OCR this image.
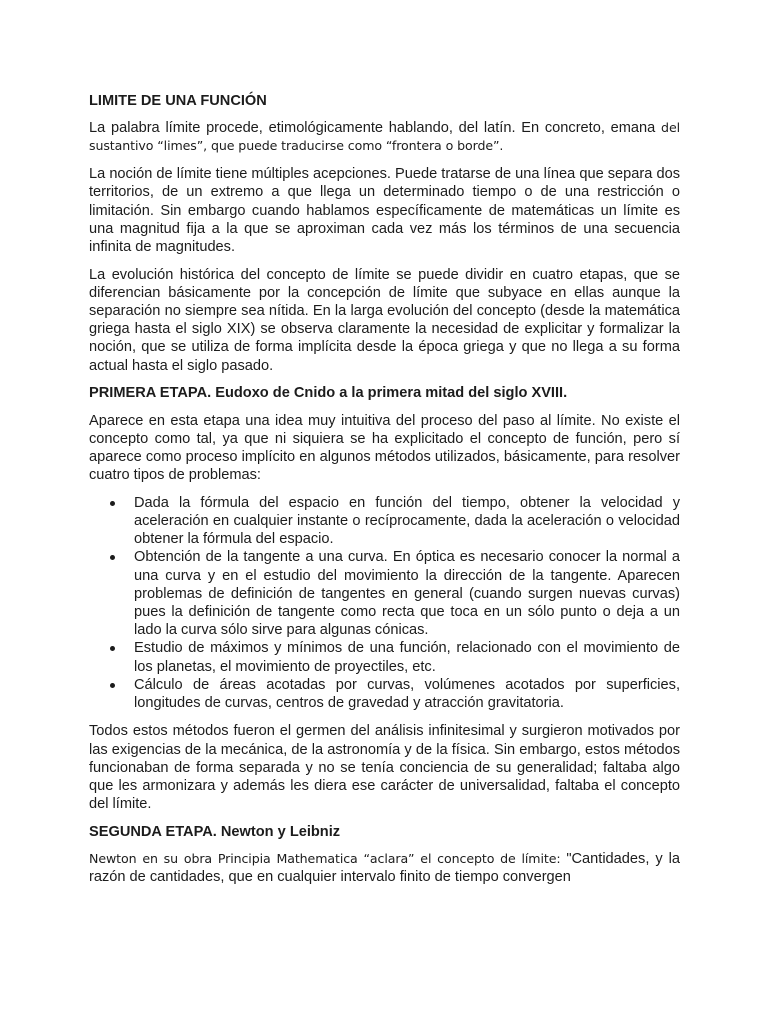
LIMITE DE UNA FUNCIÓN

La palabra límite procede, etimológicamente hablando, del latín. En concreto, emana del sustantivo “limes”, que puede traducirse como “frontera o borde”.

La noción de límite tiene múltiples acepciones. Puede tratarse de una línea que separa dos territorios, de un extremo a que llega un determinado tiempo o de una restricción o limitación. Sin embargo cuando hablamos específicamente de matemáticas un límite es una magnitud fija a la que se aproximan cada vez más los términos de una secuencia infinita de magnitudes.

La evolución histórica del concepto de límite se puede dividir en cuatro etapas, que se diferencian básicamente por la concepción de límite que subyace en ellas aunque la separación no siempre sea nítida. En la larga evolución del concepto (desde la matemática griega hasta el siglo XIX) se observa claramente la necesidad de explicitar y formalizar la noción, que se utiliza de forma implícita desde la época griega y que no llega a su forma actual hasta el siglo pasado.

PRIMERA ETAPA. Eudoxo de Cnido a la primera mitad del siglo XVIII.

Aparece en esta etapa una idea muy intuitiva del proceso del paso al límite. No existe el concepto como tal, ya que ni siquiera se ha explicitado el concepto de función, pero sí aparece como proceso implícito en algunos métodos utilizados, básicamente, para resolver cuatro tipos de problemas:

Dada la fórmula del espacio en función del tiempo, obtener la velocidad y aceleración en cualquier instante o recíprocamente, dada la aceleración o velocidad obtener la fórmula del espacio.
Obtención de la tangente a una curva. En óptica es necesario conocer la normal a una curva y en el estudio del movimiento la dirección de la tangente. Aparecen problemas de definición de tangentes en general (cuando surgen nuevas curvas) pues la definición de tangente como recta que toca en un sólo punto o deja a un lado la curva sólo sirve para algunas cónicas.
Estudio de máximos y mínimos de una función, relacionado con el movimiento de los planetas, el movimiento de proyectiles, etc.
Cálculo de áreas acotadas por curvas, volúmenes acotados por superficies, longitudes de curvas, centros de gravedad y atracción gravitatoria.

Todos estos métodos fueron el germen del análisis infinitesimal y surgieron motivados por las exigencias de la mecánica, de la astronomía y de la física. Sin embargo, estos métodos funcionaban de forma separada y no se tenía conciencia de su generalidad; faltaba algo que les armonizara y además les diera ese carácter de universalidad, faltaba el concepto del límite.

SEGUNDA ETAPA. Newton y Leibniz

Newton en su obra Principia Mathematica “aclara” el concepto de límite: "Cantidades, y la razón de cantidades, que en cualquier intervalo finito de tiempo convergen
